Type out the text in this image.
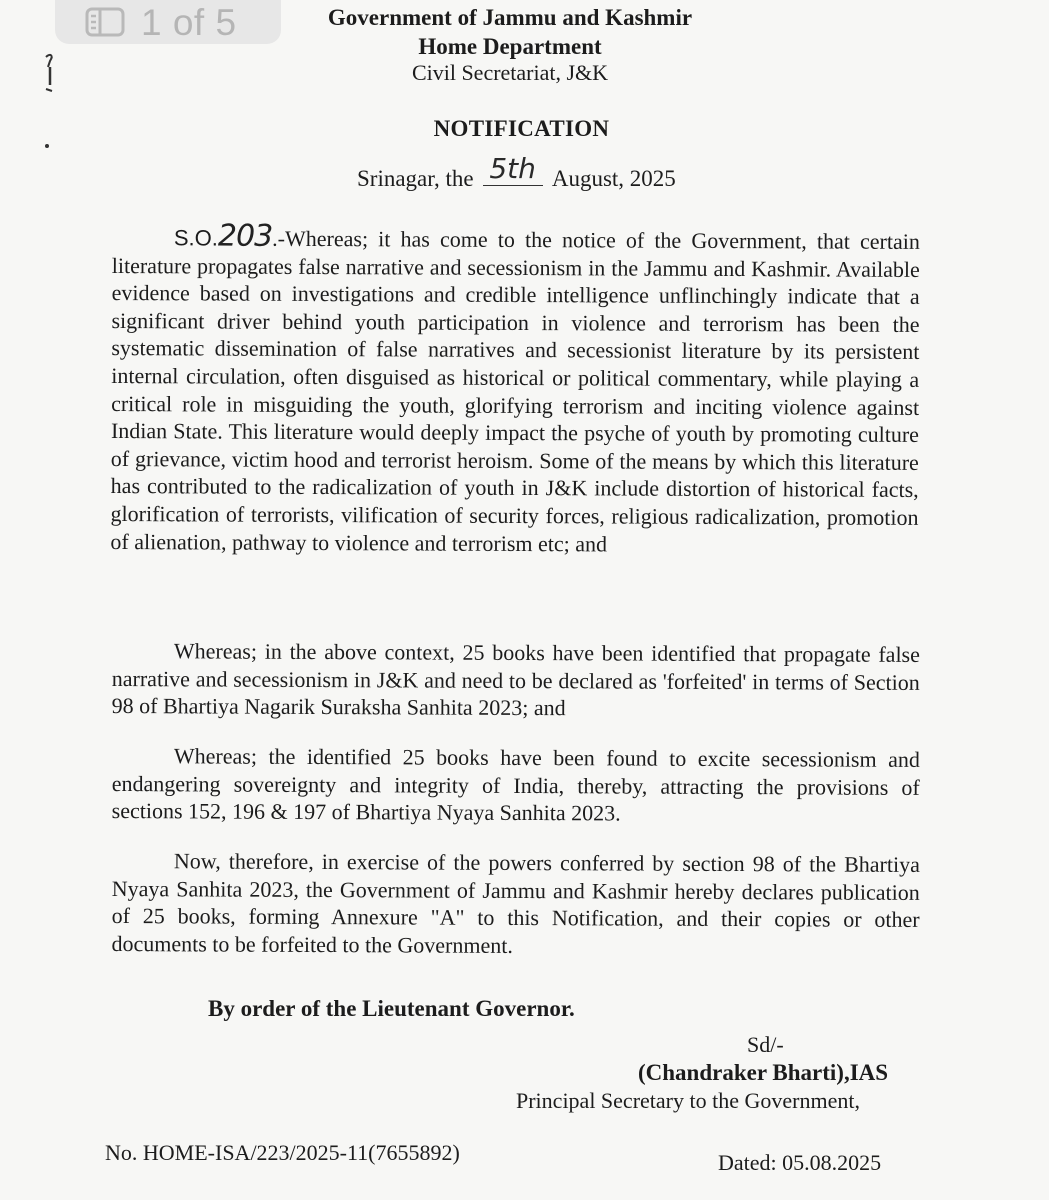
1 of 5	Government of Jammu and Kashmir
Home Department
Civil Secretariat, J&K
NOTIFICATION
Srinagar, the 5th August, 2025
S.O.203.-Whereas; it has come to the notice of the Government, that certain literature propagates false narrative and secessionism in the Jammu and Kashmir. Available evidence based on investigations and credible intelligence unflinchingly indicate that a significant driver behind youth participation in violence and terrorism has been the systematic dissemination of false narratives and secessionist literature by its persistent internal circulation, often disguised as historical or political commentary, while playing a critical role in misguiding the youth, glorifying terrorism and inciting violence against Indian State. This literature would deeply impact the psyche of youth by promoting culture of grievance, victim hood and terrorist heroism. Some of the means by which this literature has contributed to the radicalization of youth in J&K include distortion of historical facts, glorification of terrorists, vilification of security forces, religious radicalization, promotion of alienation, pathway to violence and terrorism etc; and
Whereas; in the above context, 25 books have been identified that propagate false narrative and secessionism in J&K and need to be declared as 'forfeited' in terms of Section 98 of Bhartiya Nagarik Suraksha Sanhita 2023; and
Whereas; the identified 25 books have been found to excite secessionism and endangering sovereignty and integrity of India, thereby, attracting the provisions of sections 152, 196 & 197 of Bhartiya Nyaya Sanhita 2023.
Now, therefore, in exercise of the powers conferred by section 98 of the Bhartiya Nyaya Sanhita 2023, the Government of Jammu and Kashmir hereby declares publication of 25 books, forming Annexure "A" to this Notification, and their copies or other documents to be forfeited to the Government.
By order of the Lieutenant Governor.
Sd/-
(Chandraker Bharti),IAS
Principal Secretary to the Government,
No. HOME-ISA/223/2025-11(7655892)	Dated: 05.08.2025
